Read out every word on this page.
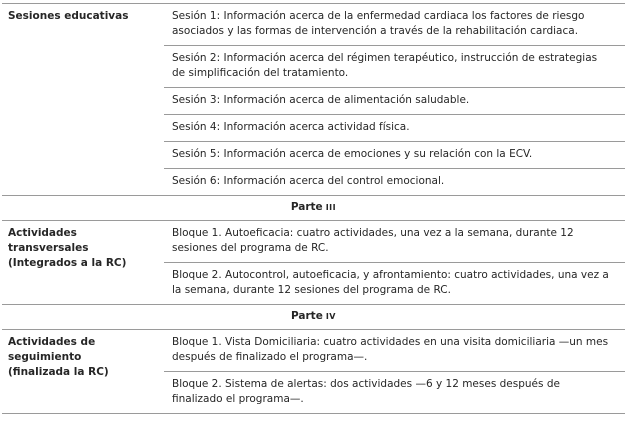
Sesiones educativas	Sesión 1: Información acerca de la enfermedad cardiaca los factores de riesgo asociados y las formas de intervención a través de la rehabilitación cardiaca.
Sesión 2: Información acerca del régimen terapéutico, instrucción de estrategias de simplificación del tratamiento.
Sesión 3: Información acerca de alimentación saludable.
Sesión 4: Información acerca actividad física.
Sesión 5: Información acerca de emociones y su relación con la ECV.
Sesión 6: Información acerca del control emocional.
Parte III
Actividades transversales
(Integrados a la RC)
Bloque 1. Autoeficacia: cuatro actividades, una vez a la semana, durante 12 sesiones del programa de RC.
Bloque 2. Autocontrol, autoeficacia, y afrontamiento: cuatro actividades, una vez a la semana, durante 12 sesiones del programa de RC.
Parte IV
Actividades de seguimiento
(finalizada la RC)
Bloque 1. Vista Domiciliaria: cuatro actividades en una visita domiciliaria —un mes después de finalizado el programa—.
Bloque 2. Sistema de alertas: dos actividades —6 y 12 meses después de finalizado el programa—.
